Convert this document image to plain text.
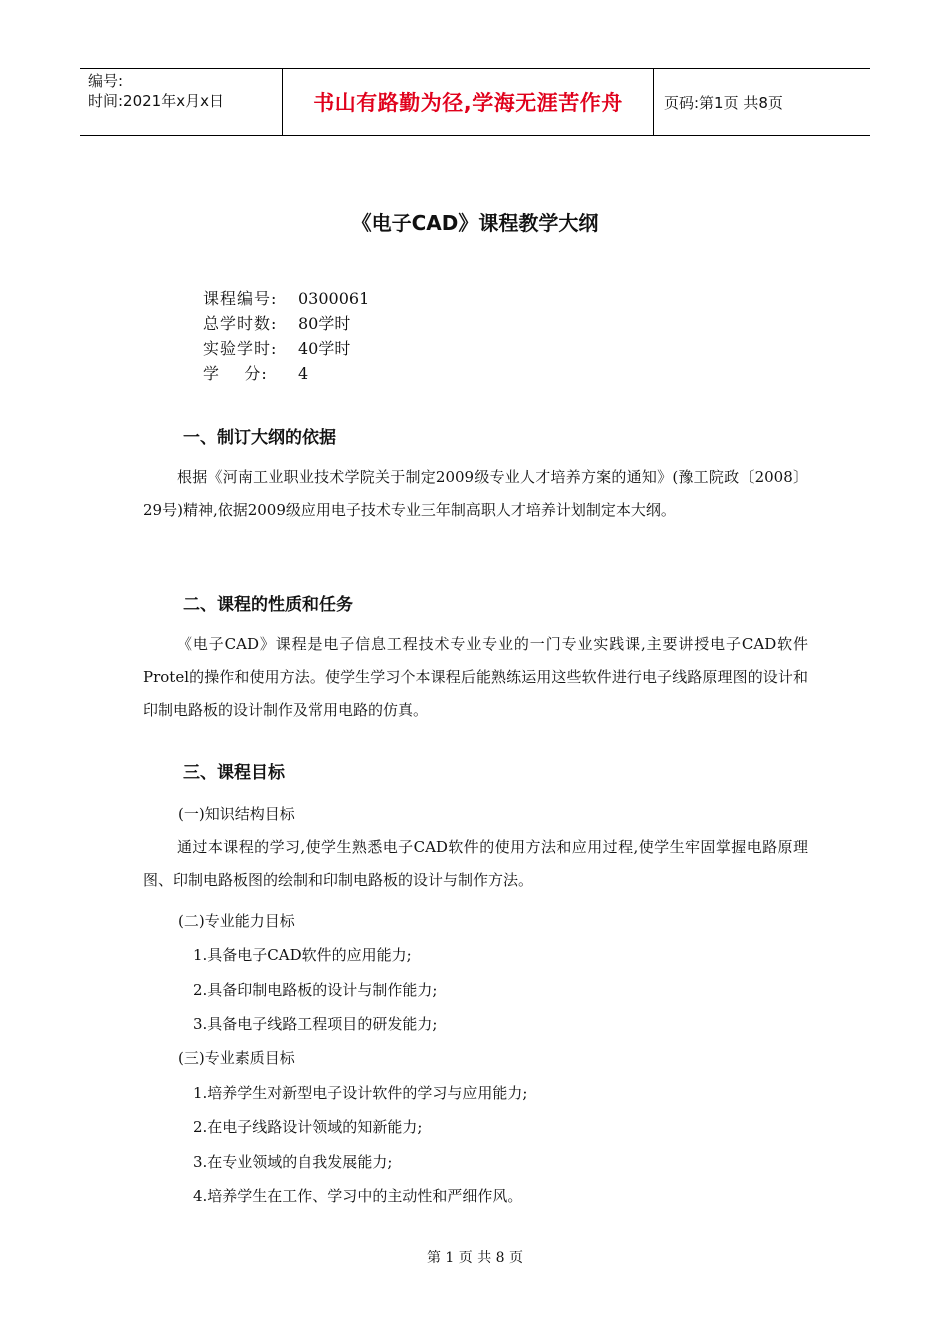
编号:
时间:2021年x月x日	书山有路勤为径,学海无涯苦作舟	页码:第1页 共8页
《电子CAD》课程教学大纲
课程编号: 0300061
总学时数: 80学时
实验学时: 40学时
学    分: 4
一、制订大纲的依据
根据《河南工业职业技术学院关于制定2009级专业人才培养方案的通知》(豫工院政〔2008〕29号)精神,依据2009级应用电子技术专业三年制高职人才培养计划制定本大纲。
二、课程的性质和任务
《电子CAD》课程是电子信息工程技术专业专业的一门专业实践课,主要讲授电子CAD软件Protel的操作和使用方法。使学生学习个本课程后能熟练运用这些软件进行电子线路原理图的设计和印制电路板的设计制作及常用电路的仿真。
三、课程目标
(一)知识结构目标
通过本课程的学习,使学生熟悉电子CAD软件的使用方法和应用过程,使学生牢固掌握电路原理图、印制电路板图的绘制和印制电路板的设计与制作方法。
(二)专业能力目标
1.具备电子CAD软件的应用能力;
2.具备印制电路板的设计与制作能力;
3.具备电子线路工程项目的研发能力;
(三)专业素质目标
1.培养学生对新型电子设计软件的学习与应用能力;
2.在电子线路设计领域的知新能力;
3.在专业领域的自我发展能力;
4.培养学生在工作、学习中的主动性和严细作风。
第 1 页 共 8 页
